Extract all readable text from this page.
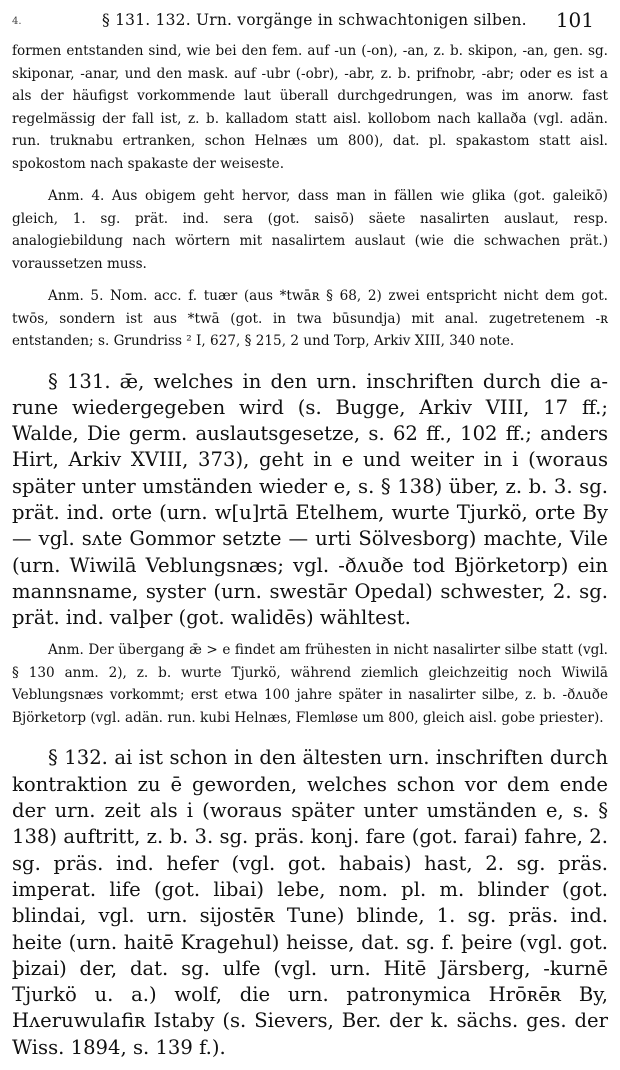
4.	§ 131. 132. Urn. vorgänge in schwachtonigen silben. 101

formen entstanden sind, wie bei den fem. auf -un (-on), -an, z. b. skipon, -an, gen. sg. skiponar, -anar, und den mask. auf -ubr (-obr), -abr, z. b. prifnobr, -abr; oder es ist a als der häufigst vorkommende laut überall durchgedrungen, was im anorw. fast regelmässig der fall ist, z. b. kalladom statt aisl. kollobom nach kallaða (vgl. adän. run. truknabu ertranken, schon Helnæs um 800), dat. pl. spakastom statt aisl. spokostom nach spakaste der weiseste.

Anm. 4. Aus obigem geht hervor, dass man in fällen wie glika (got. galeikō) gleich, 1. sg. prät. ind. sera (got. saisō) säete nasalirten auslaut, resp. analogiebildung nach wörtern mit nasalirtem auslaut (wie die schwachen prät.) voraussetzen muss.

Anm. 5. Nom. acc. f. tuær (aus *twāʀ § 68, 2) zwei entspricht nicht dem got. twōs, sondern ist aus *twā (got. in twa būsundja) mit anal. zugetretenem -ʀ entstanden; s. Grundriss ² I, 627, § 215, 2 und Torp, Arkiv XIII, 340 note.

§ 131. ǣ, welches in den urn. inschriften durch die a-rune wiedergegeben wird (s. Bugge, Arkiv VIII, 17 ff.; Walde, Die germ. auslautsgesetze, s. 62 ff., 102 ff.; anders Hirt, Arkiv XVIII, 373), geht in e und weiter in i (woraus später unter umständen wieder e, s. § 138) über, z. b. 3. sg. prät. ind. orte (urn. w[u]rtā Etelhem, wurte Tjurkö, orte By — vgl. sʌte Gommor setzte — urti Sölvesborg) machte, Vile (urn. Wiwilā Veblungsnæs; vgl. -ðʌuðe tod Björketorp) ein mannsname, syster (urn. swestār Opedal) schwester, 2. sg. prät. ind. valþer (got. walidēs) wähltest.

Anm. Der übergang ǣ > e findet am frühesten in nicht nasalirter silbe statt (vgl. § 130 anm. 2), z. b. wurte Tjurkö, während ziemlich gleichzeitig noch Wiwilā Veblungsnæs vorkommt; erst etwa 100 jahre später in nasalirter silbe, z. b. -ðʌuðe Björketorp (vgl. adän. run. kubi Helnæs, Flemløse um 800, gleich aisl. gobe priester).

§ 132. ai ist schon in den ältesten urn. inschriften durch kontraktion zu ē geworden, welches schon vor dem ende der urn. zeit als i (woraus später unter umständen e, s. § 138) auftritt, z. b. 3. sg. präs. konj. fare (got. farai) fahre, 2. sg. präs. ind. hefer (vgl. got. habais) hast, 2. sg. präs. imperat. life (got. libai) lebe, nom. pl. m. blinder (got. blindai, vgl. urn. sijostēʀ Tune) blinde, 1. sg. präs. ind. heite (urn. haitē Kragehul) heisse, dat. sg. f. þeire (vgl. got. þizai) der, dat. sg. ulfe (vgl. urn. Hitē Järsberg, -kurnē Tjurkö u. a.) wolf, die urn. patronymica Hrōʀēʀ By, Hʌeruwulafiʀ Istaby (s. Sievers, Ber. der k. sächs. ges. der Wiss. 1894, s. 139 f.).
